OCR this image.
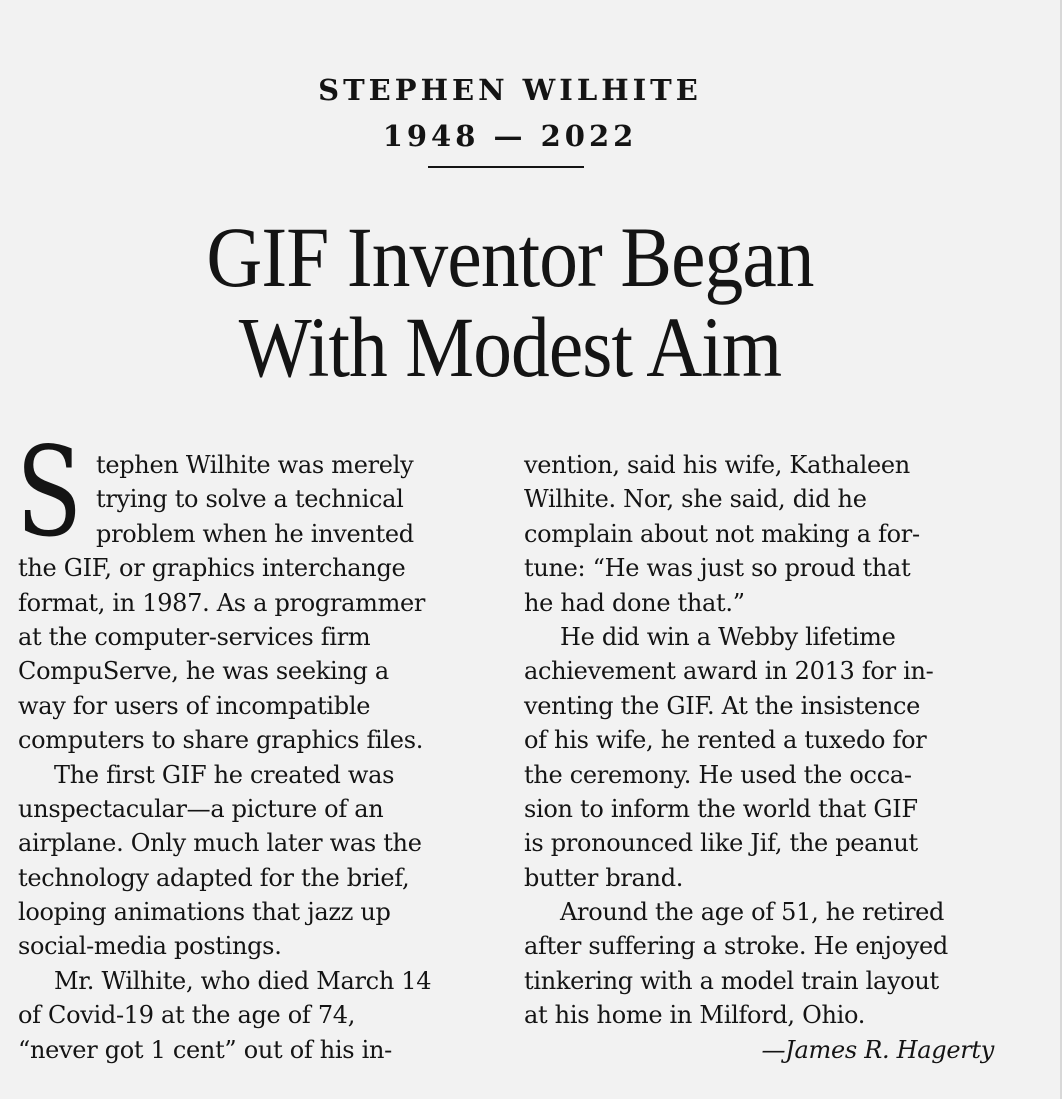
STEPHEN WILHITE
1948 — 2022
GIF Inventor Began
With Modest Aim
S tephen Wilhite was merely
trying to solve a technical
problem when he invented
the GIF, or graphics interchange
format, in 1987. As a programmer
at the computer-services firm
CompuServe, he was seeking a
way for users of incompatible
computers to share graphics files.
The first GIF he created was
unspectacular—a picture of an
airplane. Only much later was the
technology adapted for the brief,
looping animations that jazz up
social-media postings.
Mr. Wilhite, who died March 14
of Covid-19 at the age of 74,
“never got 1 cent” out of his in-
vention, said his wife, Kathaleen
Wilhite. Nor, she said, did he
complain about not making a for-
tune: “He was just so proud that
he had done that.”
He did win a Webby lifetime
achievement award in 2013 for in-
venting the GIF. At the insistence
of his wife, he rented a tuxedo for
the ceremony. He used the occa-
sion to inform the world that GIF
is pronounced like Jif, the peanut
butter brand.
Around the age of 51, he retired
after suffering a stroke. He enjoyed
tinkering with a model train layout
at his home in Milford, Ohio.
—James R. Hagerty
